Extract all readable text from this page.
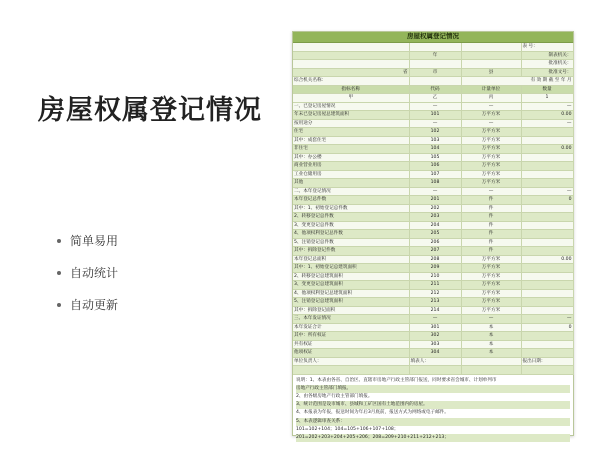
房屋权属登记情况
简单易用
自动统计
自动更新
房屋权属登记情况
			表 号：
	年		制表机关：
			批准机关：
省	市	县	批准文号：
综合机关名称：		有 效 期 截 至 年 月	
指标名称	代码	计量单位	数量
甲	乙	丙	1
一、已登记房屋情况	—	—	—
年末已登记房屋总建筑面积	101	万平方米	0.00
按用途分	—	—	—
住宅	102	万平方米	
其中：成套住宅	103	万平方米	
非住宅	104	万平方米	0.00
其中：办公楼	105	万平方米	
商业营业用房	106	万平方米	
工业仓储用房	107	万平方米	
其他	108	万平方米	
二、本年登记情况	—	—	—
本年登记总件数	201	件	0
其中：1、初始登记总件数	202	件	
2、转移登记总件数	203	件	
3、变更登记总件数	204	件	
4、他项权利登记总件数	205	件	
5、注销登记总件数	206	件	
其中：拆除登记件数	207	件	
本年登记总面积	208	万平方米	0.00
其中：1、初始登记总建筑面积	209	万平方米	
2、转移登记总建筑面积	210	万平方米	
3、变更登记总建筑面积	211	万平方米	
4、他项权利登记总建筑面积	212	万平方米	
5、注销登记总建筑面积	213	万平方米	
其中：拆除登记面积	214	万平方米	
三、本年发证情况	—	—	—
本年发证合计	301	本	0
其中：所有权证	302	本	
共有权证	303	本	
他项权证	304	本	
单位负责人：	填表人：		报出日期：

说明：1、本表由各省、自治区、直辖市房地产行政主管部门报送，同时要求省会城市、计划单列市
房地产行政主管部门填报。
2、由各级房地产行政主管部门填报。
3、统计范围是设市城市、县城和工矿区国有土地范围内的房屋。
4、本报表为年报，报送时间为年后3月底前，报送方式为网络或电子邮件。
5、本表逻辑审查关系：
101=102+104；104=105+106+107+108；
201=202+203+204+205+206；208=209+210+211+212+213；
